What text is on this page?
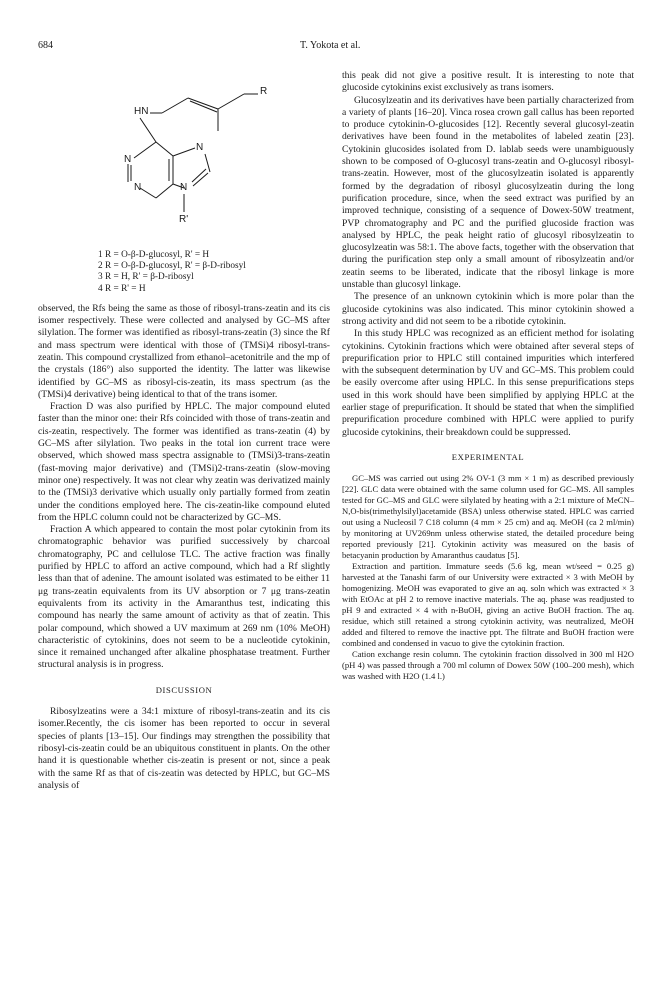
684	T. Yokota et al.
HN
R
N
N
N	N
R'
1 R = O-β-D-glucosyl, R' = H
2 R = O-β-D-glucosyl, R' = β-D-ribosyl
3 R = H, R' = β-D-ribosyl
4 R = R' = H

observed, the Rfs being the same as those of ribosyl-trans-zeatin and its cis isomer respectively. These were collected and analysed by GC–MS after silylation. The former was identified as ribosyl-trans-zeatin (3) since the Rf and mass spectrum were identical with those of (TMSi)4 ribosyl-trans-zeatin. This compound crystallized from ethanol–acetonitrile and the mp of the crystals (186°) also supported the identity. The latter was likewise identified by GC–MS as ribosyl-cis-zeatin, its mass spectrum (as the (TMSi)4 derivative) being identical to that of the trans isomer.

Fraction D was also purified by HPLC. The major compound eluted faster than the minor one: their Rfs coincided with those of trans-zeatin and cis-zeatin, respectively. The former was identified as trans-zeatin (4) by GC–MS after silylation. Two peaks in the total ion current trace were observed, which showed mass spectra assignable to (TMSi)3-trans-zeatin (fast-moving major derivative) and (TMSi)2-trans-zeatin (slow-moving minor one) respectively. It was not clear why zeatin was derivatized mainly to the (TMSi)3 derivative which usually only partially formed from zeatin under the conditions employed here. The cis-zeatin-like compound eluted from the HPLC column could not be characterized by GC–MS.

Fraction A which appeared to contain the most polar cytokinin from its chromatographic behavior was purified successively by charcoal chromatography, PC and cellulose TLC. The active fraction was finally purified by HPLC to afford an active compound, which had a Rf slightly less than that of adenine. The amount isolated was estimated to be either 11 μg trans-zeatin equivalents from its UV absorption or 7 μg trans-zeatin equivalents from its activity in the Amaranthus test, indicating this compound has nearly the same amount of activity as that of zeatin. This polar compound, which showed a UV maximum at 269 nm (10% MeOH) characteristic of cytokinins, does not seem to be a nucleotide cytokinin, since it remained unchanged after alkaline phosphatase treatment. Further structural analysis is in progress.

DISCUSSION

Ribosylzeatins were a 34:1 mixture of ribosyl-trans-zeatin and its cis isomer.Recently, the cis isomer has been reported to occur in several species of plants [13–15]. Our findings may strengthen the possibility that ribosyl-cis-zeatin could be an ubiquitous constituent in plants. On the other hand it is questionable whether cis-zeatin is present or not, since a peak with the same Rf as that of cis-zeatin was detected by HPLC, but GC–MS analysis of

this peak did not give a positive result. It is interesting to note that glucoside cytokinins exist exclusively as trans isomers.

Glucosylzeatin and its derivatives have been partially characterized from a variety of plants [16–20]. Vinca rosea crown gall callus has been reported to produce cytokinin-O-glucosides [12]. Recently several glucosyl-zeatin derivatives have been found in the metabolites of labeled zeatin [23]. Cytokinin glucosides isolated from D. lablab seeds were unambiguously shown to be composed of O-glucosyl trans-zeatin and O-glucosyl ribosyl-trans-zeatin. However, most of the glucosylzeatin isolated is apparently formed by the degradation of ribosyl glucosylzeatin during the long purification procedure, since, when the seed extract was purified by an improved technique, consisting of a sequence of Dowex-50W treatment, PVP chromatography and PC and the purified glucoside fraction was analysed by HPLC, the peak height ratio of glucosyl ribosylzeatin to glucosylzeatin was 58:1. The above facts, together with the observation that during the purification step only a small amount of ribosylzeatin and/or zeatin seems to be liberated, indicate that the ribosyl linkage is more unstable than glucosyl linkage.

The presence of an unknown cytokinin which is more polar than the glucoside cytokinins was also indicated. This minor cytokinin showed a strong activity and did not seem to be a ribotide cytokinin.

In this study HPLC was recognized as an efficient method for isolating cytokinins. Cytokinin fractions which were obtained after several steps of prepurification prior to HPLC still contained impurities which interfered with the subsequent determination by UV and GC–MS. This problem could be easily overcome after using HPLC. In this sense prepurifications steps used in this work should have been simplified by applying HPLC at the earlier stage of prepurification. It should be stated that when the simplified prepurification procedure combined with HPLC were applied to purify glucoside cytokinins, their breakdown could be suppressed.

EXPERIMENTAL

GC–MS was carried out using 2% OV-1 (3 mm × 1 m) as described previously [22]. GLC data were obtained with the same column used for GC–MS. All samples tested for GC–MS and GLC were silylated by heating with a 2:1 mixture of MeCN–N,O-bis(trimethylsilyl)acetamide (BSA) unless otherwise stated. HPLC was carried out using a Nucleosil 7 C18 column (4 mm × 25 cm) and aq. MeOH (ca 2 ml/min) by monitoring at UV269nm unless otherwise stated, the detailed procedure being reported previously [21]. Cytokinin activity was measured on the basis of betacyanin production by Amaranthus caudatus [5].

Extraction and partition. Immature seeds (5.6 kg, mean wt/seed = 0.25 g) harvested at the Tanashi farm of our University were extracted × 3 with MeOH by homogenizing. MeOH was evaporated to give an aq. soln which was extracted × 3 with EtOAc at pH 2 to remove inactive materials. The aq. phase was readjusted to pH 9 and extracted × 4 with n-BuOH, giving an active BuOH fraction. The aq. residue, which still retained a strong cytokinin activity, was neutralized, MeOH added and filtered to remove the inactive ppt. The filtrate and BuOH fraction were combined and condensed in vacuo to give the cytokinin fraction.

Cation exchange resin column. The cytokinin fraction dissolved in 300 ml H2O (pH 4) was passed through a 700 ml column of Dowex 50W (100–200 mesh), which was washed with H2O (1.4 l.)
